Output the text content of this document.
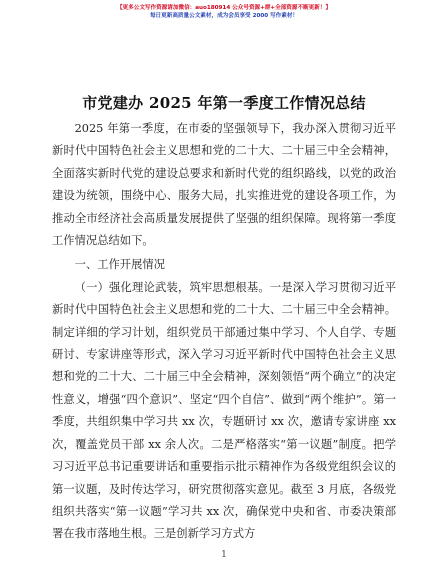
【更多公文写作资源请加微信：auo180914 公众号资源+群+全部资源不断更新！】
每日更新高质量公文素材，成为会员享受 2000 写作素材！
市党建办 2025 年第一季度工作情况总结

2025 年第一季度，在市委的坚强领导下，我办深入贯彻习近平新时代中国特色社会主义思想和党的二十大、二十届三中全会精神，全面落实新时代党的建设总要求和新时代党的组织路线，以党的政治建设为统领，围绕中心、服务大局，扎实推进党的建设各项工作，为推动全市经济社会高质量发展提供了坚强的组织保障。现将第一季度工作情况总结如下。

一、工作开展情况

（一）强化理论武装，筑牢思想根基。一是深入学习贯彻习近平新时代中国特色社会主义思想和党的二十大、二十届三中全会精神。制定详细的学习计划，组织党员干部通过集中学习、个人自学、专题研讨、专家讲座等形式，深入学习习近平新时代中国特色社会主义思想和党的二十大、二十届三中全会精神，深刻领悟“两个确立”的决定性意义，增强“四个意识”、坚定“四个自信”、做到“两个维护”。第一季度，共组织集中学习共 xx 次，专题研讨 xx 次，邀请专家讲座 xx 次，覆盖党员干部 xx 余人次。二是严格落实“第一议题”制度。把学习习近平总书记重要讲话和重要指示批示精神作为各级党组织会议的第一议题，及时传达学习，研究贯彻落实意见。截至 3 月底，各级党组织共落实“第一议题”学习共 xx 次，确保党中央和省、市委决策部署在我市落地生根。三是创新学习方式方

1
